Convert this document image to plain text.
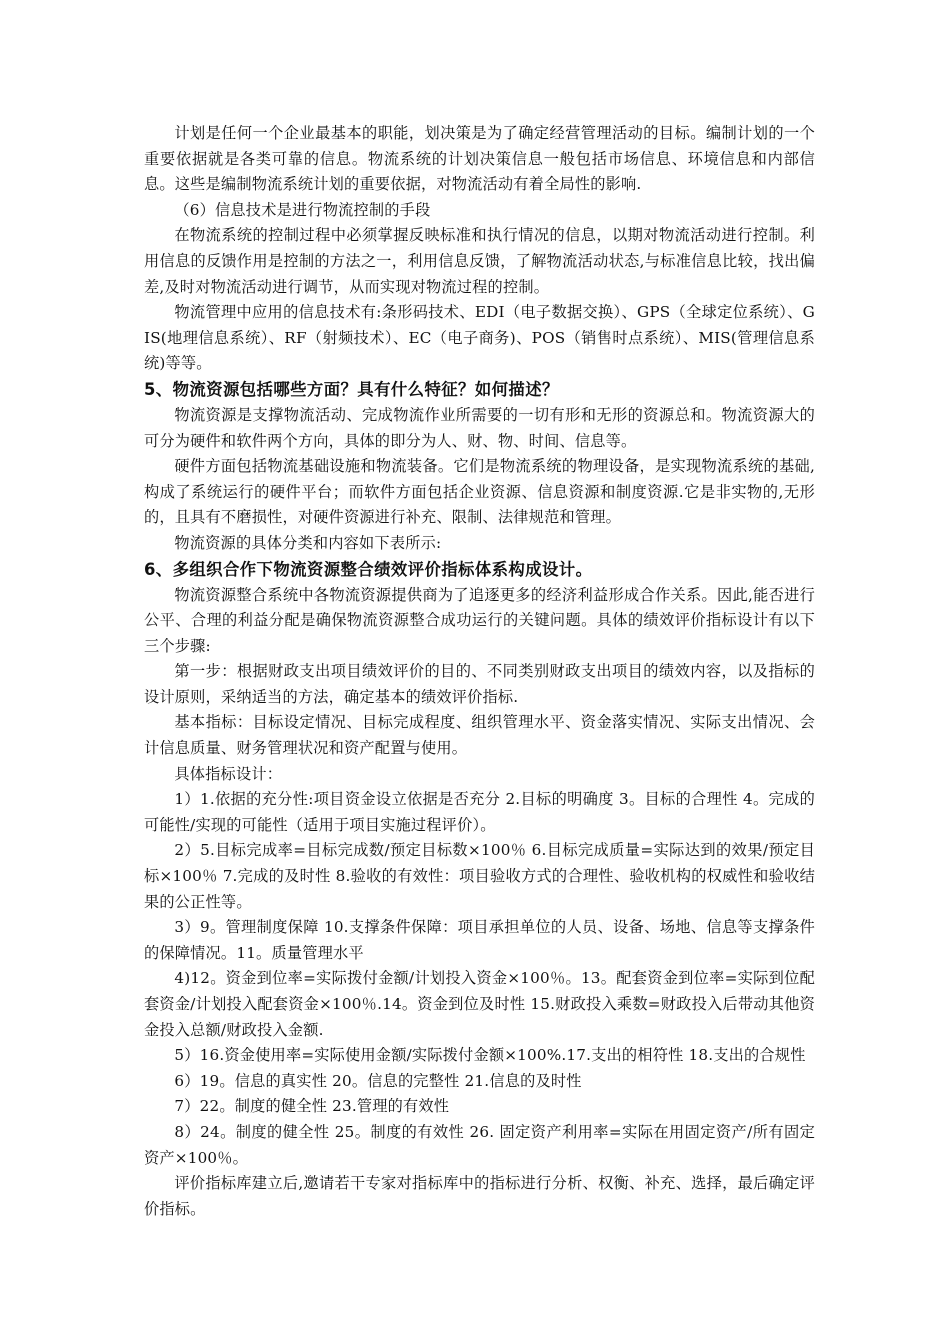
计划是任何一个企业最基本的职能，划决策是为了确定经营管理活动的目标。编制计划的一个重要依据就是各类可靠的信息。物流系统的计划决策信息一般包括市场信息、环境信息和内部信息。这些是编制物流系统计划的重要依据，对物流活动有着全局性的影响.

（6）信息技术是进行物流控制的手段

在物流系统的控制过程中必须掌握反映标准和执行情况的信息，以期对物流活动进行控制。利用信息的反馈作用是控制的方法之一，利用信息反馈，了解物流活动状态,与标准信息比较，找出偏差,及时对物流活动进行调节，从而实现对物流过程的控制。

物流管理中应用的信息技术有:条形码技术、EDI（电子数据交换）、GPS（全球定位系统）、GIS(地理信息系统）、RF（射频技术）、EC（电子商务)、POS（销售时点系统）、MIS(管理信息系统)等等。

5、物流资源包括哪些方面？具有什么特征？如何描述？

物流资源是支撑物流活动、完成物流作业所需要的一切有形和无形的资源总和。物流资源大的可分为硬件和软件两个方向，具体的即分为人、财、物、时间、信息等。

硬件方面包括物流基础设施和物流装备。它们是物流系统的物理设备，是实现物流系统的基础,构成了系统运行的硬件平台；而软件方面包括企业资源、信息资源和制度资源.它是非实物的,无形的，且具有不磨损性，对硬件资源进行补充、限制、法律规范和管理。

物流资源的具体分类和内容如下表所示:

6、多组织合作下物流资源整合绩效评价指标体系构成设计。

物流资源整合系统中各物流资源提供商为了追逐更多的经济利益形成合作关系。因此,能否进行公平、合理的利益分配是确保物流资源整合成功运行的关键问题。具体的绩效评价指标设计有以下三个步骤:

第一步：根据财政支出项目绩效评价的目的、不同类别财政支出项目的绩效内容，以及指标的设计原则，采纳适当的方法，确定基本的绩效评价指标.

基本指标：目标设定情况、目标完成程度、组织管理水平、资金落实情况、实际支出情况、会计信息质量、财务管理状况和资产配置与使用。

具体指标设计：

1）1.依据的充分性:项目资金设立依据是否充分 2.目标的明确度 3。目标的合理性 4。完成的可能性/实现的可能性（适用于项目实施过程评价）。

2）5.目标完成率=目标完成数/预定目标数×100％ 6.目标完成质量=实际达到的效果/预定目标×100％ 7.完成的及时性 8.验收的有效性：项目验收方式的合理性、验收机构的权威性和验收结果的公正性等。

3）9。管理制度保障 10.支撑条件保障：项目承担单位的人员、设备、场地、信息等支撑条件的保障情况。11。质量管理水平

4)12。资金到位率=实际拨付金额/计划投入资金×100％。13。配套资金到位率=实际到位配套资金/计划投入配套资金×100％.14。资金到位及时性 15.财政投入乘数=财政投入后带动其他资金投入总额/财政投入金额.

5）16.资金使用率=实际使用金额/实际拨付金额×100%.17.支出的相符性 18.支出的合规性

6）19。信息的真实性 20。信息的完整性 21.信息的及时性

7）22。制度的健全性 23.管理的有效性

8）24。制度的健全性 25。制度的有效性 26. 固定资产利用率=实际在用固定资产/所有固定资产×100％。

评价指标库建立后,邀请若干专家对指标库中的指标进行分析、权衡、补充、选择，最后确定评价指标。
